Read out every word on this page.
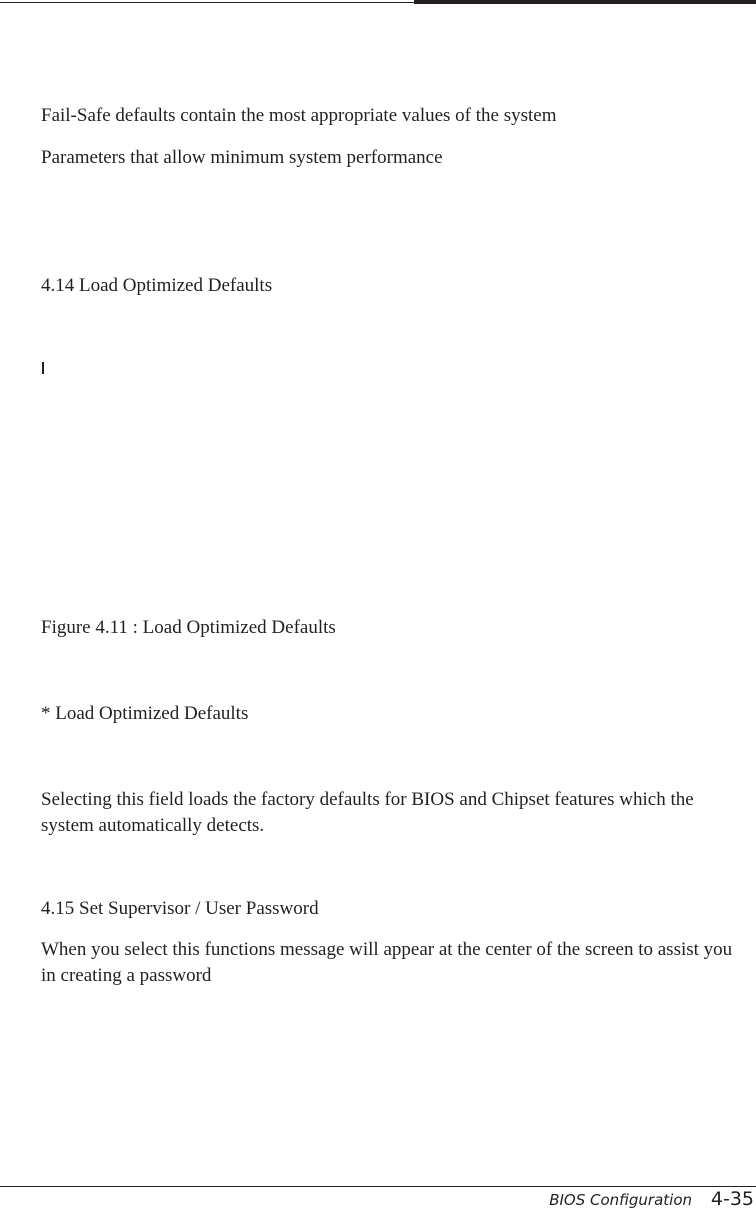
Fail-Safe defaults contain the most appropriate values of the system
Parameters that allow minimum system performance
4.14 Load Optimized Defaults
Figure 4.11 : Load Optimized Defaults
* Load Optimized Defaults
Selecting this field loads the factory defaults for BIOS and Chipset features which the system automatically detects.
4.15 Set Supervisor / User Password
When you select this functions message will appear at the center of the screen to assist you in creating a password
BIOS Configuration 4-35
